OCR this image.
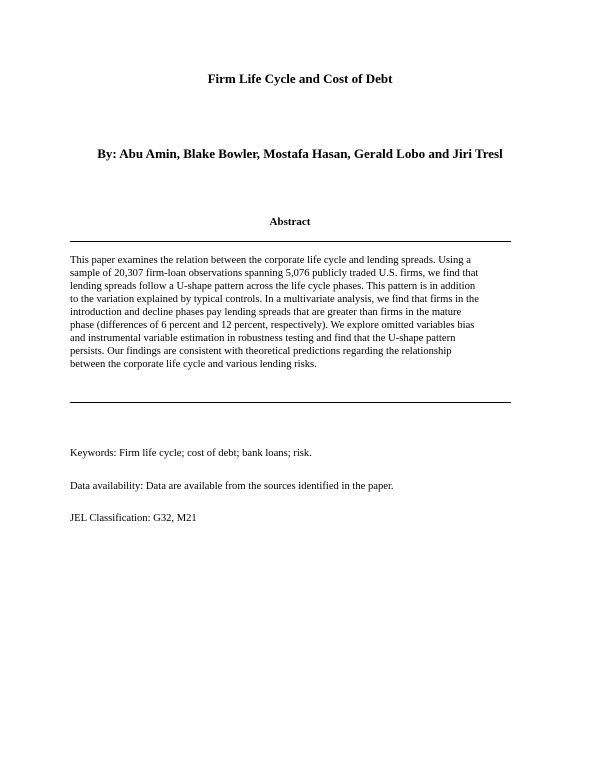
Firm Life Cycle and Cost of Debt
By: Abu Amin, Blake Bowler, Mostafa Hasan, Gerald Lobo and Jiri Tresl
Abstract

This paper examines the relation between the corporate life cycle and lending spreads. Using a
sample of 20,307 firm-loan observations spanning 5,076 publicly traded U.S. firms, we find that
lending spreads follow a U-shape pattern across the life cycle phases. This pattern is in addition
to the variation explained by typical controls. In a multivariate analysis, we find that firms in the
introduction and decline phases pay lending spreads that are greater than firms in the mature
phase (differences of 6 percent and 12 percent, respectively). We explore omitted variables bias
and instrumental variable estimation in robustness testing and find that the U-shape pattern
persists. Our findings are consistent with theoretical predictions regarding the relationship
between the corporate life cycle and various lending risks.

Keywords: Firm life cycle; cost of debt; bank loans; risk.
Data availability: Data are available from the sources identified in the paper.
JEL Classification: G32, M21
